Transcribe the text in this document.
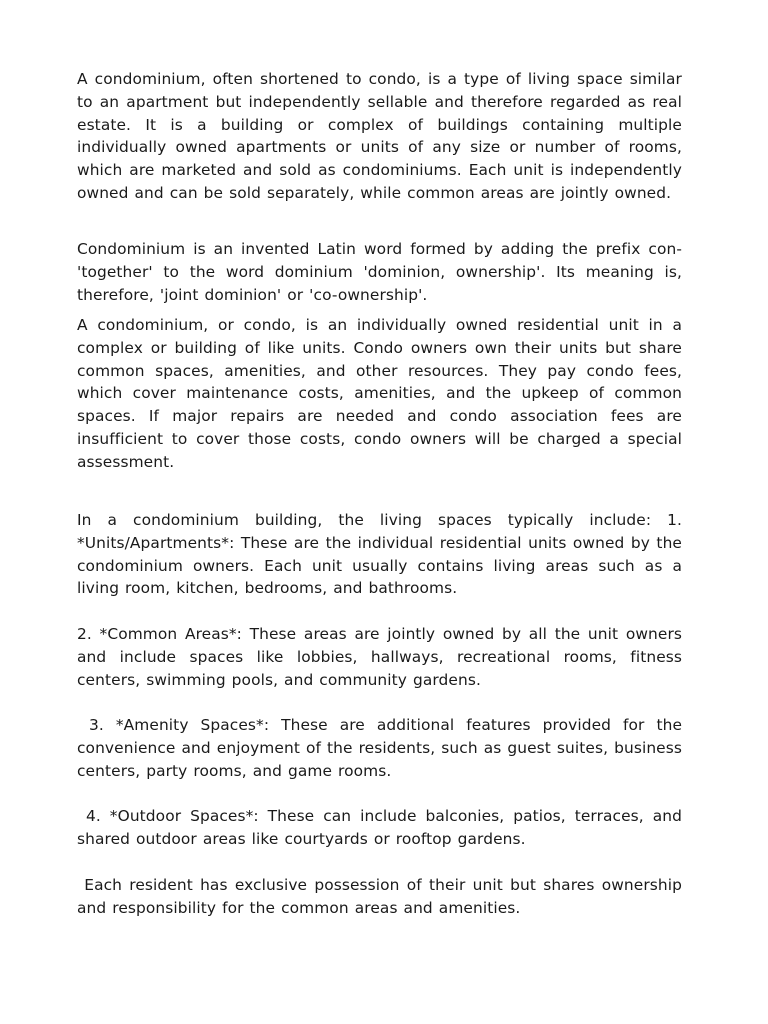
A condominium, often shortened to condo, is a type of living space similar to an apartment but independently sellable and therefore regarded as real estate. It is a building or complex of buildings containing multiple individually owned apartments or units of any size or number of rooms, which are marketed and sold as condominiums. Each unit is independently owned and can be sold separately, while common areas are jointly owned.

Condominium is an invented Latin word formed by adding the prefix con- 'together' to the word dominium 'dominion, ownership'. Its meaning is, therefore, 'joint dominion' or 'co-ownership'.

A condominium, or condo, is an individually owned residential unit in a complex or building of like units. Condo owners own their units but share common spaces, amenities, and other resources. They pay condo fees, which cover maintenance costs, amenities, and the upkeep of common spaces. If major repairs are needed and condo association fees are insufficient to cover those costs, condo owners will be charged a special assessment.

In a condominium building, the living spaces typically include: 1. *Units/Apartments*: These are the individual residential units owned by the condominium owners. Each unit usually contains living areas such as a living room, kitchen, bedrooms, and bathrooms.

2. *Common Areas*: These areas are jointly owned by all the unit owners and include spaces like lobbies, hallways, recreational rooms, fitness centers, swimming pools, and community gardens.

3. *Amenity Spaces*: These are additional features provided for the convenience and enjoyment of the residents, such as guest suites, business centers, party rooms, and game rooms.

4. *Outdoor Spaces*: These can include balconies, patios, terraces, and shared outdoor areas like courtyards or rooftop gardens.

Each resident has exclusive possession of their unit but shares ownership and responsibility for the common areas and amenities.
